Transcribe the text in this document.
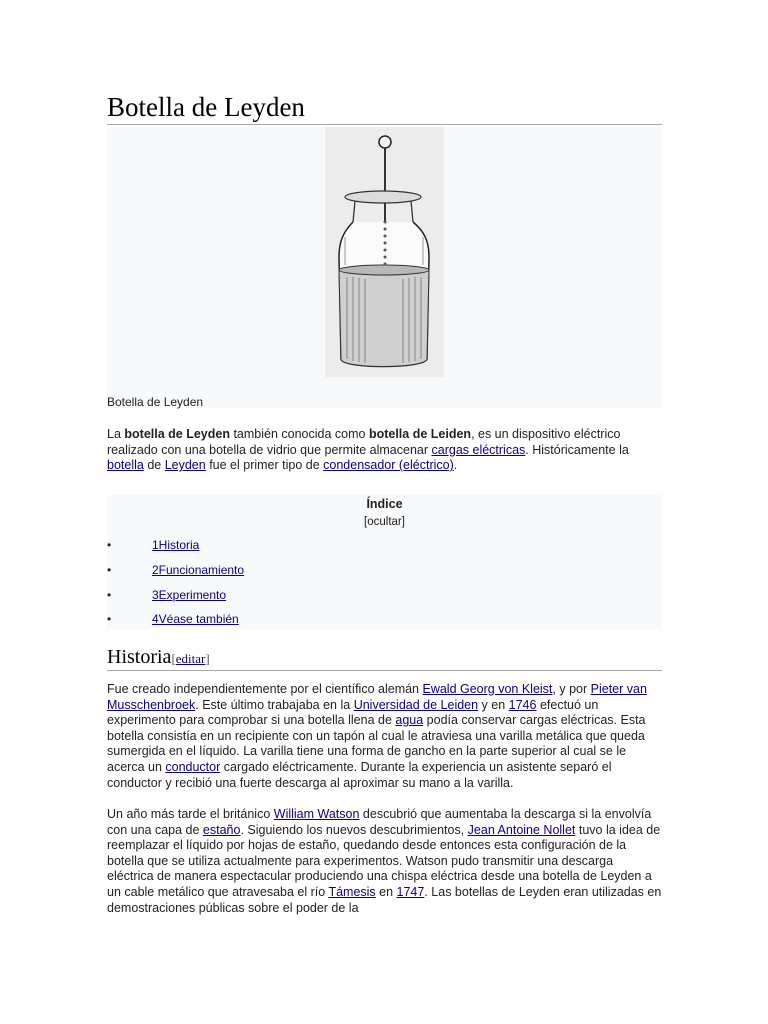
Botella de Leyden
Botella de Leyden

La botella de Leyden también conocida como botella de Leiden, es un dispositivo eléctrico realizado con una botella de vidrio que permite almacenar cargas eléctricas. Históricamente la botella de Leyden fue el primer tipo de condensador (eléctrico).

Índice
[ocultar]
•	1Historia
•	2Funcionamiento
•	3Experimento
•	4Véase también
Historia[editar]

Fue creado independientemente por el científico alemán Ewald Georg von Kleist, y por Pieter van Musschenbroek. Este último trabajaba en la Universidad de Leiden y en 1746 efectuó un experimento para comprobar si una botella llena de agua podía conservar cargas eléctricas. Esta botella consistía en un recipiente con un tapón al cual le atraviesa una varilla metálica que queda sumergida en el líquido. La varilla tiene una forma de gancho en la parte superior al cual se le acerca un conductor cargado eléctricamente. Durante la experiencia un asistente separó el conductor y recibió una fuerte descarga al aproximar su mano a la varilla.

Un año más tarde el británico William Watson descubrió que aumentaba la descarga si la envolvía con una capa de estaño. Siguiendo los nuevos descubrimientos, Jean Antoine Nollet tuvo la idea de reemplazar el líquido por hojas de estaño, quedando desde entonces esta configuración de la botella que se utiliza actualmente para experimentos. Watson pudo transmitir una descarga eléctrica de manera espectacular produciendo una chispa eléctrica desde una botella de Leyden a un cable metálico que atravesaba el río Támesis en 1747. Las botellas de Leyden eran utilizadas en demostraciones públicas sobre el poder de la
